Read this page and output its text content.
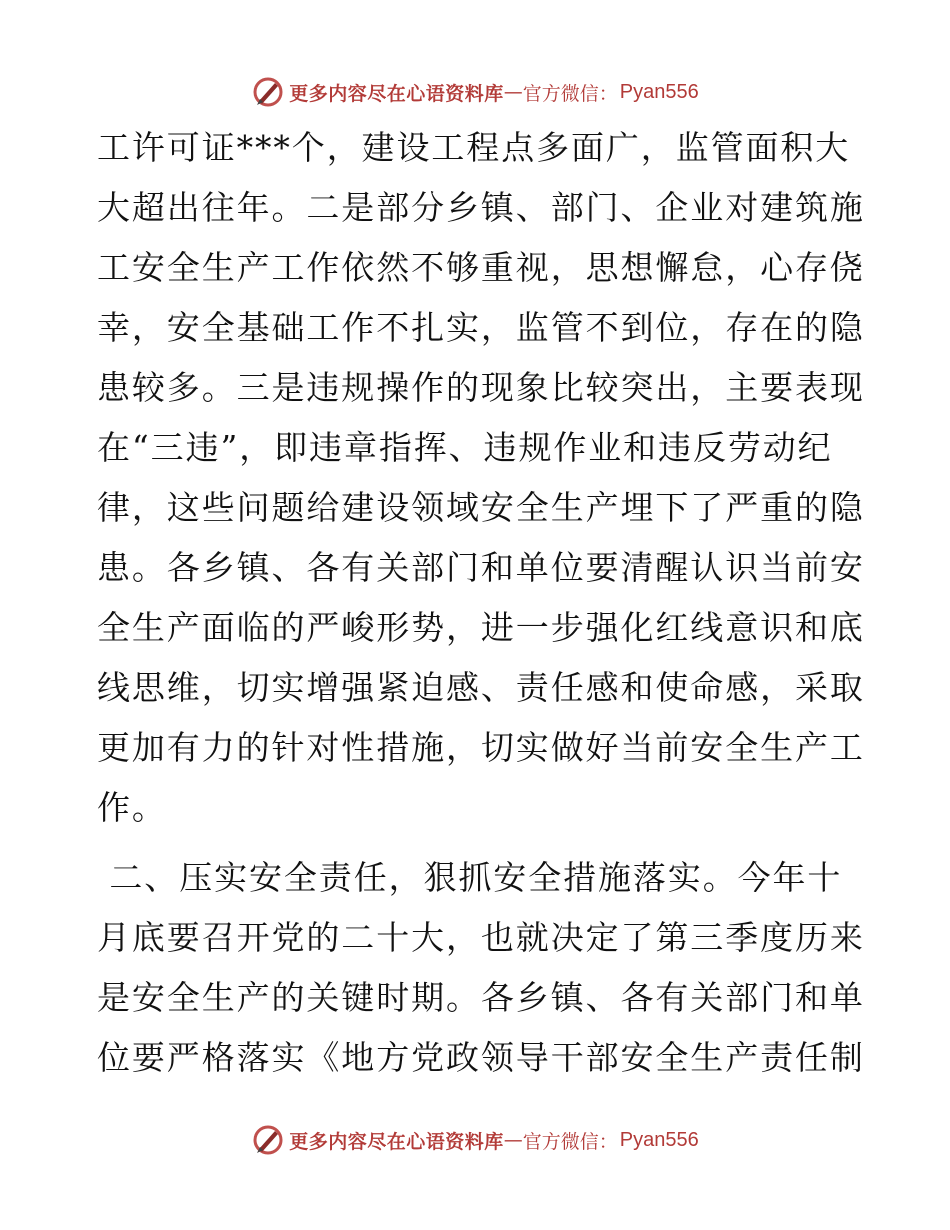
更多内容尽在心语资料库 — 官方微信： Pyan556

工许可证***个，建设工程点多面广，监管面积大
大超出往年。二是部分乡镇、部门、企业对建筑施
工安全生产工作依然不够重视，思想懈怠，心存侥
幸，安全基础工作不扎实，监管不到位，存在的隐
患较多。三是违规操作的现象比较突出，主要表现
在“三违”，即违章指挥、违规作业和违反劳动纪
律，这些问题给建设领域安全生产埋下了严重的隐
患。各乡镇、各有关部门和单位要清醒认识当前安
全生产面临的严峻形势，进一步强化红线意识和底
线思维，切实增强紧迫感、责任感和使命感，采取
更加有力的针对性措施，切实做好当前安全生产工
作。

二、压实安全责任，狠抓安全措施落实。今年十
月底要召开党的二十大，也就决定了第三季度历来
是安全生产的关键时期。各乡镇、各有关部门和单
位要严格落实《地方党政领导干部安全生产责任制

更多内容尽在心语资料库 — 官方微信： Pyan556
